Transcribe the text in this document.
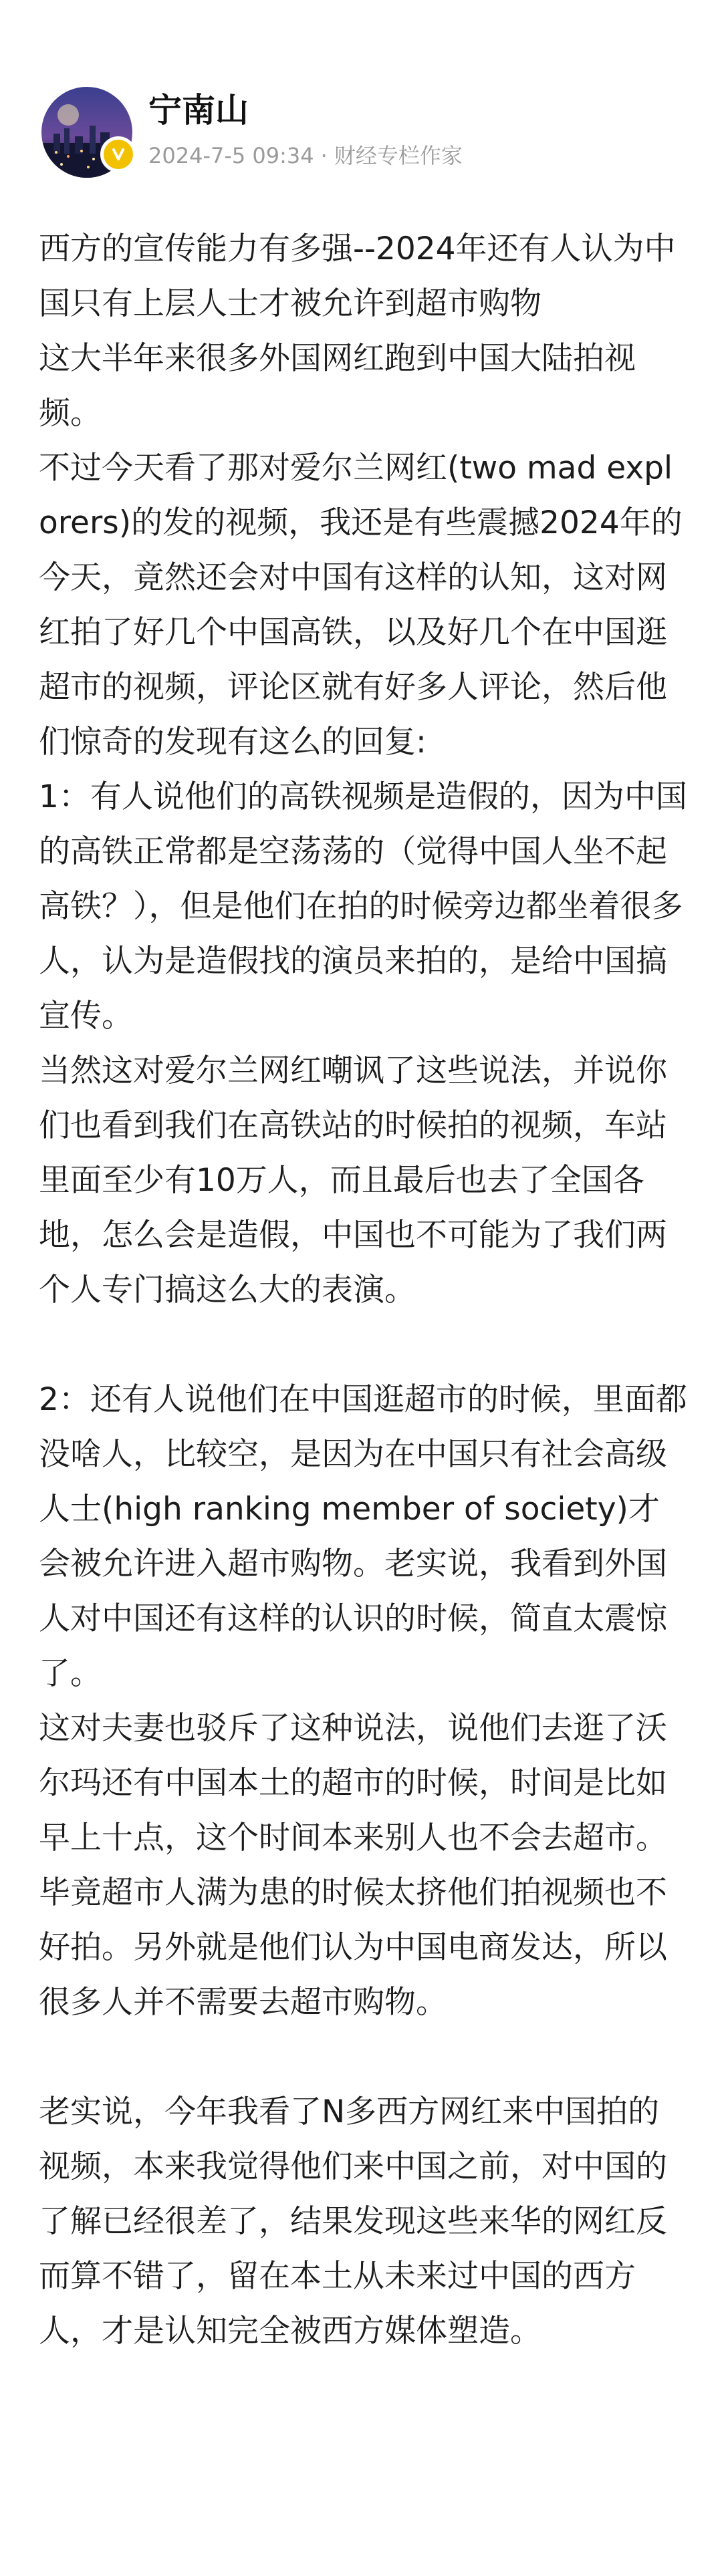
宁南山
2024-7-5 09:34 · 财经专栏作家

西方的宣传能力有多强--2024年还有人认为中国只有上层人士才被允许到超市购物

这大半年来很多外国网红跑到中国大陆拍视频。

不过今天看了那对爱尔兰网红(two mad explorers)的发的视频，我还是有些震撼2024年的今天，竟然还会对中国有这样的认知，这对网红拍了好几个中国高铁，以及好几个在中国逛超市的视频，评论区就有好多人评论，然后他们惊奇的发现有这么的回复:

1：有人说他们的高铁视频是造假的，因为中国的高铁正常都是空荡荡的（觉得中国人坐不起高铁？），但是他们在拍的时候旁边都坐着很多人，认为是造假找的演员来拍的，是给中国搞宣传。

当然这对爱尔兰网红嘲讽了这些说法，并说你们也看到我们在高铁站的时候拍的视频，车站里面至少有10万人，而且最后也去了全国各地，怎么会是造假，中国也不可能为了我们两个人专门搞这么大的表演。

2：还有人说他们在中国逛超市的时候，里面都没啥人，比较空，是因为在中国只有社会高级人士(high ranking member of society)才会被允许进入超市购物。老实说，我看到外国人对中国还有这样的认识的时候，简直太震惊了。

这对夫妻也驳斥了这种说法，说他们去逛了沃尔玛还有中国本土的超市的时候，时间是比如早上十点，这个时间本来别人也不会去超市。

毕竟超市人满为患的时候太挤他们拍视频也不好拍。另外就是他们认为中国电商发达，所以很多人并不需要去超市购物。

老实说，今年我看了N多西方网红来中国拍的视频，本来我觉得他们来中国之前，对中国的了解已经很差了，结果发现这些来华的网红反而算不错了，留在本土从未来过中国的西方人，才是认知完全被西方媒体塑造。
